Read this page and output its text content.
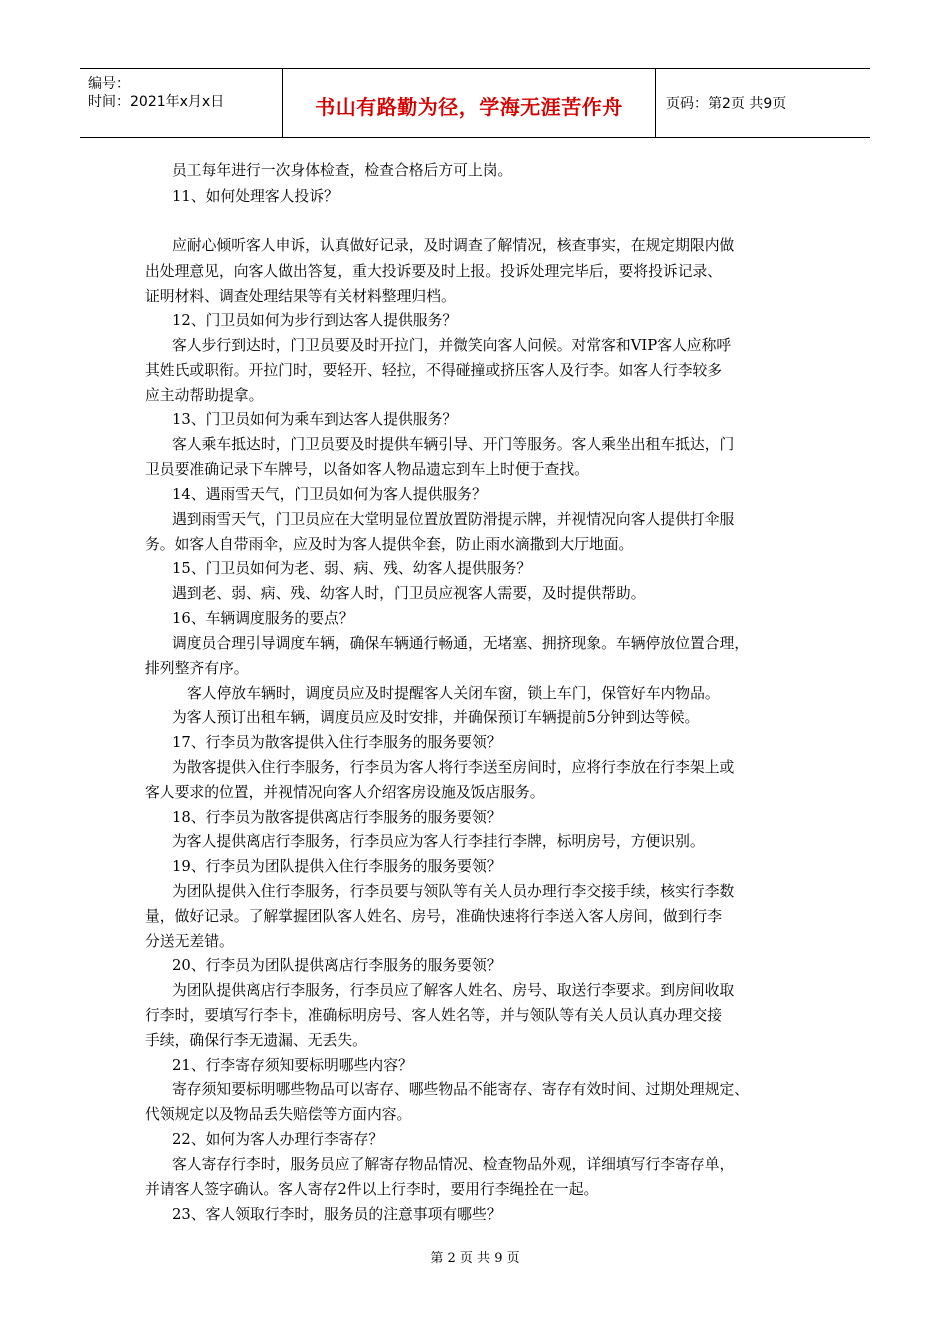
编号：
时间：2021年x月x日	书山有路勤为径，学海无涯苦作舟	页码：第2页 共9页
员工每年进行一次身体检查，检查合格后方可上岗。
11、如何处理客人投诉？
应耐心倾听客人申诉，认真做好记录，及时调查了解情况，核查事实，在规定期限内做
出处理意见，向客人做出答复，重大投诉要及时上报。投诉处理完毕后，要将投诉记录、
证明材料、调查处理结果等有关材料整理归档。
12、门卫员如何为步行到达客人提供服务？
客人步行到达时，门卫员要及时开拉门，并微笑向客人问候。对常客和VIP客人应称呼
其姓氏或职衔。开拉门时，要轻开、轻拉，不得碰撞或挤压客人及行李。如客人行李较多
应主动帮助提拿。
13、门卫员如何为乘车到达客人提供服务？
客人乘车抵达时，门卫员要及时提供车辆引导、开门等服务。客人乘坐出租车抵达，门
卫员要准确记录下车牌号，以备如客人物品遗忘到车上时便于查找。
14、遇雨雪天气，门卫员如何为客人提供服务？
遇到雨雪天气，门卫员应在大堂明显位置放置防滑提示牌，并视情况向客人提供打伞服
务。如客人自带雨伞，应及时为客人提供伞套，防止雨水滴撒到大厅地面。
15、门卫员如何为老、弱、病、残、幼客人提供服务？
遇到老、弱、病、残、幼客人时，门卫员应视客人需要，及时提供帮助。
16、车辆调度服务的要点？
调度员合理引导调度车辆，确保车辆通行畅通，无堵塞、拥挤现象。车辆停放位置合理，
排列整齐有序。
客人停放车辆时，调度员应及时提醒客人关闭车窗，锁上车门，保管好车内物品。
为客人预订出租车辆，调度员应及时安排，并确保预订车辆提前5分钟到达等候。
17、行李员为散客提供入住行李服务的服务要领？
为散客提供入住行李服务，行李员为客人将行李送至房间时，应将行李放在行李架上或
客人要求的位置，并视情况向客人介绍客房设施及饭店服务。
18、行李员为散客提供离店行李服务的服务要领？
为客人提供离店行李服务，行李员应为客人行李挂行李牌，标明房号，方便识别。
19、行李员为团队提供入住行李服务的服务要领？
为团队提供入住行李服务，行李员要与领队等有关人员办理行李交接手续，核实行李数
量，做好记录。了解掌握团队客人姓名、房号，准确快速将行李送入客人房间，做到行李
分送无差错。
20、行李员为团队提供离店行李服务的服务要领？
为团队提供离店行李服务，行李员应了解客人姓名、房号、取送行李要求。到房间收取
行李时，要填写行李卡，准确标明房号、客人姓名等，并与领队等有关人员认真办理交接
手续，确保行李无遗漏、无丢失。
21、行李寄存须知要标明哪些内容？
寄存须知要标明哪些物品可以寄存、哪些物品不能寄存、寄存有效时间、过期处理规定、
代领规定以及物品丢失赔偿等方面内容。
22、如何为客人办理行李寄存？
客人寄存行李时，服务员应了解寄存物品情况、检查物品外观，详细填写行李寄存单，
并请客人签字确认。客人寄存2件以上行李时，要用行李绳拴在一起。
23、客人领取行李时，服务员的注意事项有哪些？
第 2 页 共 9 页
